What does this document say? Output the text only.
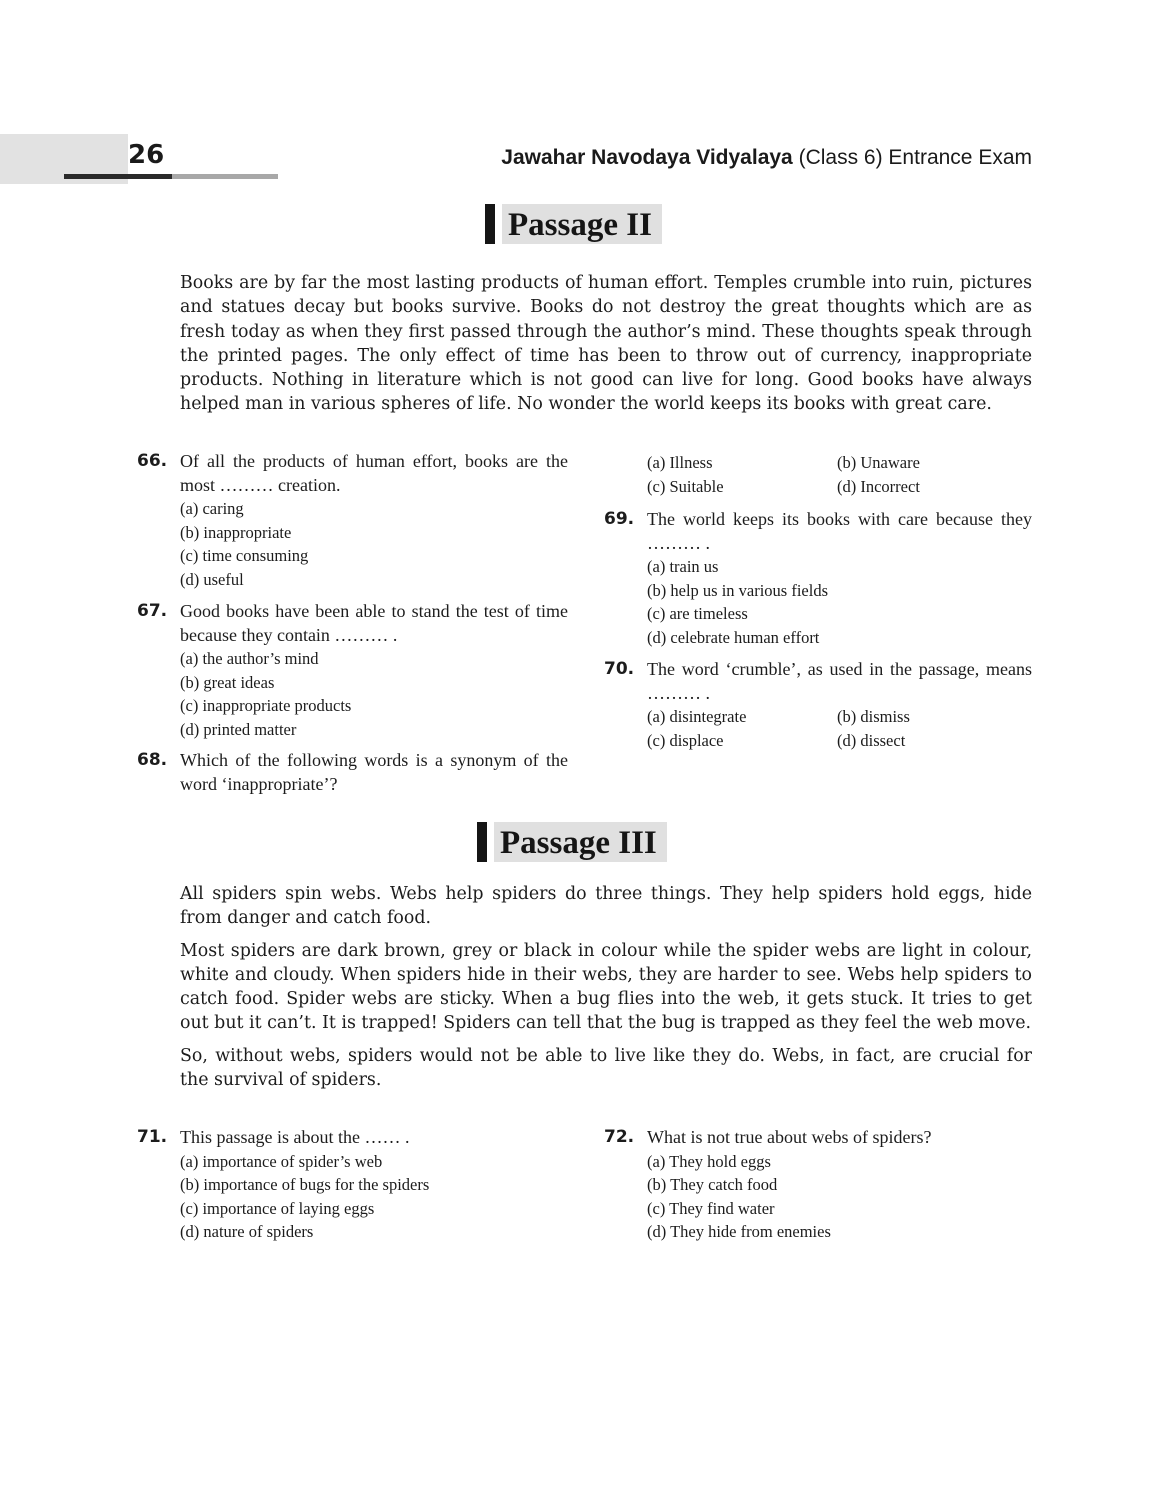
26	Jawahar Navodaya Vidyalaya (Class 6) Entrance Exam
Passage II

Books are by far the most lasting products of human effort. Temples crumble into ruin, pictures and statues decay but books survive. Books do not destroy the great thoughts which are as fresh today as when they first passed through the author’s mind. These thoughts speak through the printed pages. The only effect of time has been to throw out of currency, inappropriate products. Nothing in literature which is not good can live for long. Good books have always helped man in various spheres of life. No wonder the world keeps its books with great care.

66. Of all the products of human effort, books are the most ……… creation.
(a) caring
(b) inappropriate
(c) time consuming
(d) useful
67. Good books have been able to stand the test of time because they contain ……… .
(a) the author’s mind
(b) great ideas
(c) inappropriate products
(d) printed matter
68. Which of the following words is a synonym of the word ‘inappropriate’?
(a) Illness	(b) Unaware
(c) Suitable	(d) Incorrect
69. The world keeps its books with care because they ……… .
(a) train us
(b) help us in various fields
(c) are timeless
(d) celebrate human effort
70. The word ‘crumble’, as used in the passage, means ……… .
(a) disintegrate	(b) dismiss
(c) displace	(d) dissect
Passage III

All spiders spin webs. Webs help spiders do three things. They help spiders hold eggs, hide from danger and catch food.

Most spiders are dark brown, grey or black in colour while the spider webs are light in colour, white and cloudy. When spiders hide in their webs, they are harder to see. Webs help spiders to catch food. Spider webs are sticky. When a bug flies into the web, it gets stuck. It tries to get out but it can’t. It is trapped! Spiders can tell that the bug is trapped as they feel the web move.

So, without webs, spiders would not be able to live like they do. Webs, in fact, are crucial for the survival of spiders.

71. This passage is about the …… .
(a) importance of spider’s web
(b) importance of bugs for the spiders
(c) importance of laying eggs
(d) nature of spiders
72. What is not true about webs of spiders?
(a) They hold eggs
(b) They catch food
(c) They find water
(d) They hide from enemies
